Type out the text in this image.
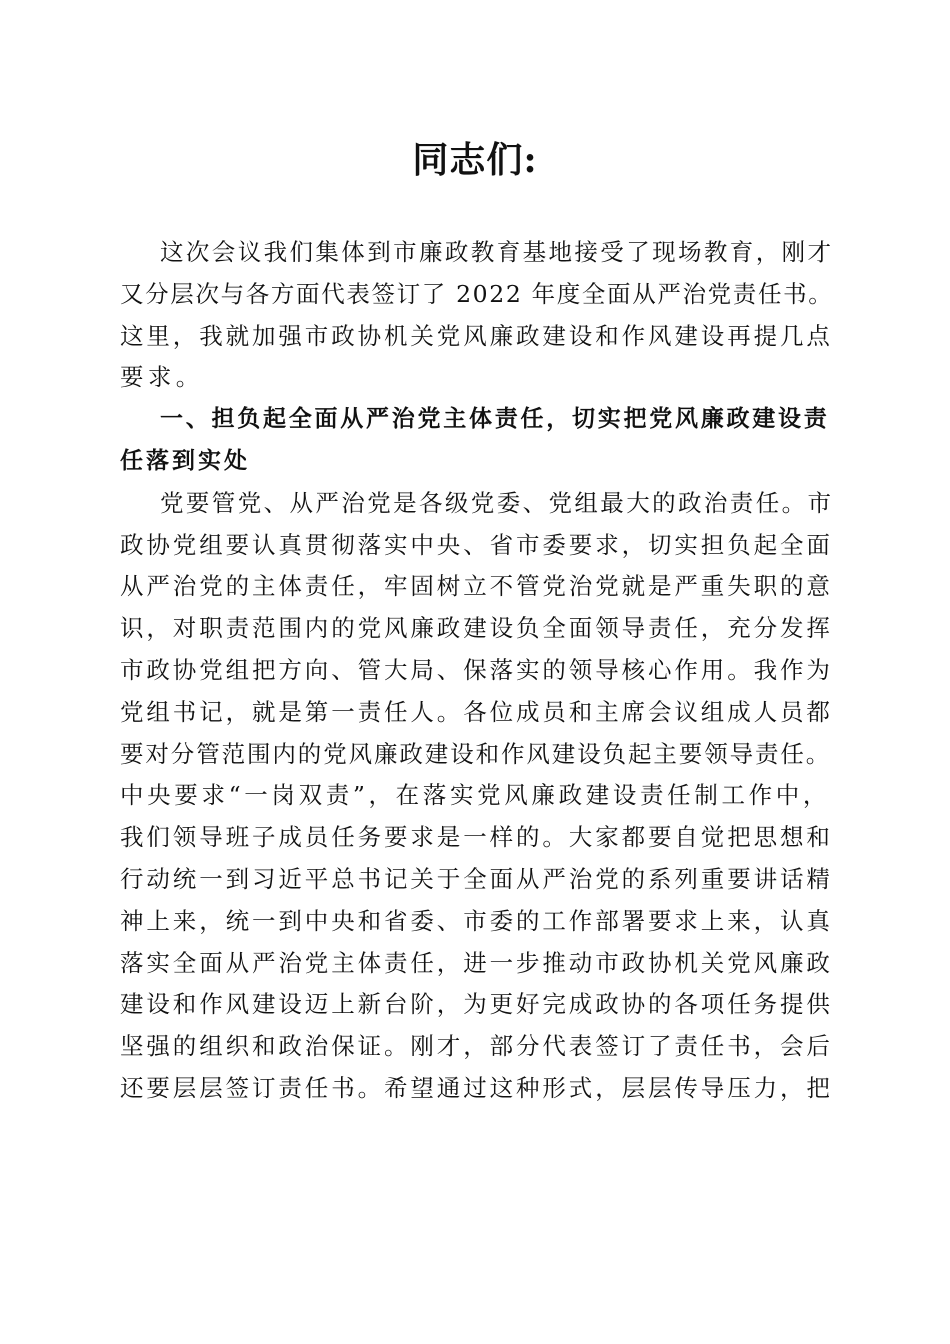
同志们:
这次会议我们集体到市廉政教育基地接受了现场教育，刚才
又分层次与各方面代表签订了 2022 年度全面从严治党责任书。
这里，我就加强市政协机关党风廉政建设和作风建设再提几点
要求。
一、担负起全面从严治党主体责任，切实把党风廉政建设责
任落到实处
党要管党、从严治党是各级党委、党组最大的政治责任。市
政协党组要认真贯彻落实中央、省市委要求，切实担负起全面
从严治党的主体责任，牢固树立不管党治党就是严重失职的意
识，对职责范围内的党风廉政建设负全面领导责任，充分发挥
市政协党组把方向、管大局、保落实的领导核心作用。我作为
党组书记，就是第一责任人。各位成员和主席会议组成人员都
要对分管范围内的党风廉政建设和作风建设负起主要领导责任。
中央要求“一岗双责”，在落实党风廉政建设责任制工作中，
我们领导班子成员任务要求是一样的。大家都要自觉把思想和
行动统一到习近平总书记关于全面从严治党的系列重要讲话精
神上来，统一到中央和省委、市委的工作部署要求上来，认真
落实全面从严治党主体责任，进一步推动市政协机关党风廉政
建设和作风建设迈上新台阶，为更好完成政协的各项任务提供
坚强的组织和政治保证。刚才，部分代表签订了责任书，会后
还要层层签订责任书。希望通过这种形式，层层传导压力，把
